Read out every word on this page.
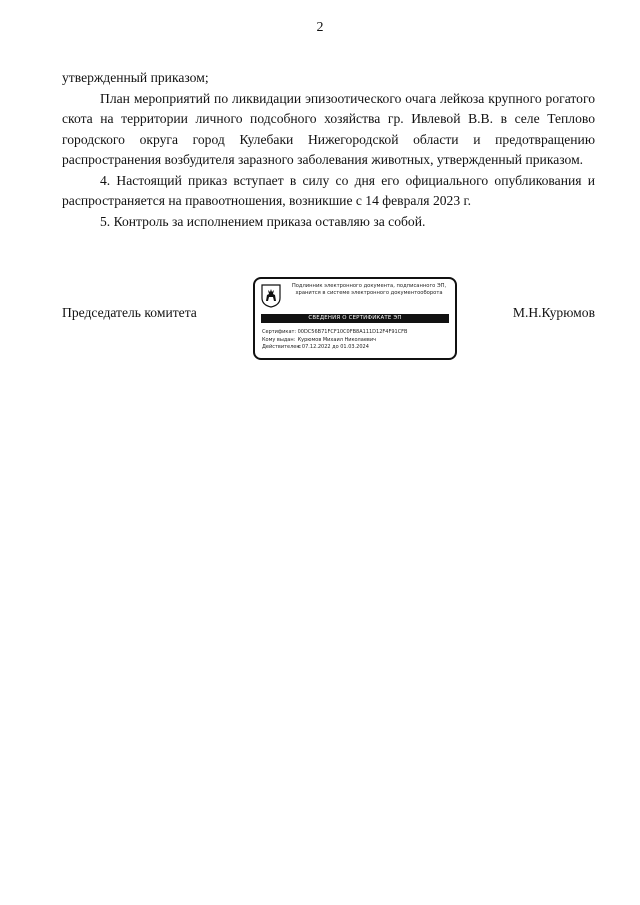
2

утвержденный приказом;

План мероприятий по ликвидации эпизоотического очага лейкоза крупного рогатого скота на территории личного подсобного хозяйства гр. Ивлевой В.В. в селе Теплово городского округа город Кулебаки Нижегородской области и предотвращению распространения возбудителя заразного заболевания животных, утвержденный приказом.

4. Настоящий приказ вступает в силу со дня его официального опубликования и распространяется на правоотношения, возникшие с 14 февраля 2023 г.

5. Контроль за исполнением приказа оставляю за собой.

Председатель комитета	М.Н.Курюмов
Подлинник электронного документа, подписанного ЭП, хранится в системе электронного документооборота
СВЕДЕНИЯ О СЕРТИФИКАТЕ ЭП
Сертификат: 00DC56B71FCF10C0FB8A111D12F4F91CFB
Кому выдан: Курюмов Михаил Николаевич
Действителен: с 07.12.2022 до 01.03.2024
